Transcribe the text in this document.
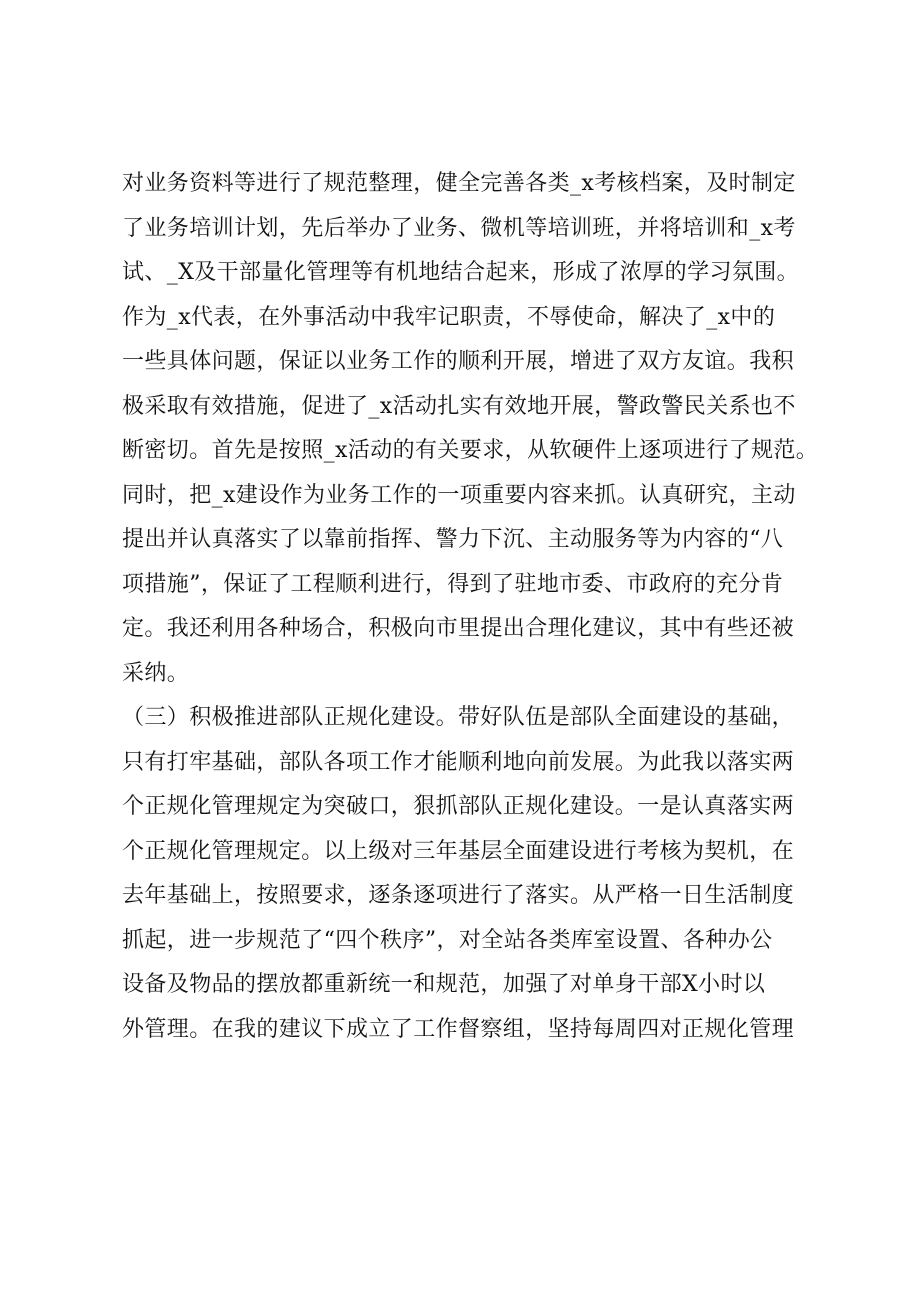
对业务资料等进行了规范整理，健全完善各类_x考核档案，及时制定
了业务培训计划，先后举办了业务、微机等培训班，并将培训和_x考
试、_X及干部量化管理等有机地结合起来，形成了浓厚的学习氛围。
作为_x代表，在外事活动中我牢记职责，不辱使命，解决了_x中的
一些具体问题，保证以业务工作的顺利开展，增进了双方友谊。我积
极采取有效措施，促进了_x活动扎实有效地开展，警政警民关系也不
断密切。首先是按照_x活动的有关要求，从软硬件上逐项进行了规范。
同时，把_x建设作为业务工作的一项重要内容来抓。认真研究，主动
提出并认真落实了以靠前指挥、警力下沉、主动服务等为内容的“八
项措施”，保证了工程顺利进行，得到了驻地市委、市政府的充分肯
定。我还利用各种场合，积极向市里提出合理化建议，其中有些还被
采纳。
（三）积极推进部队正规化建设。带好队伍是部队全面建设的基础，
只有打牢基础，部队各项工作才能顺利地向前发展。为此我以落实两
个正规化管理规定为突破口，狠抓部队正规化建设。一是认真落实两
个正规化管理规定。以上级对三年基层全面建设进行考核为契机，在
去年基础上，按照要求，逐条逐项进行了落实。从严格一日生活制度
抓起，进一步规范了“四个秩序”，对全站各类库室设置、各种办公
设备及物品的摆放都重新统一和规范，加强了对单身干部X小时以
外管理。在我的建议下成立了工作督察组，坚持每周四对正规化管理
